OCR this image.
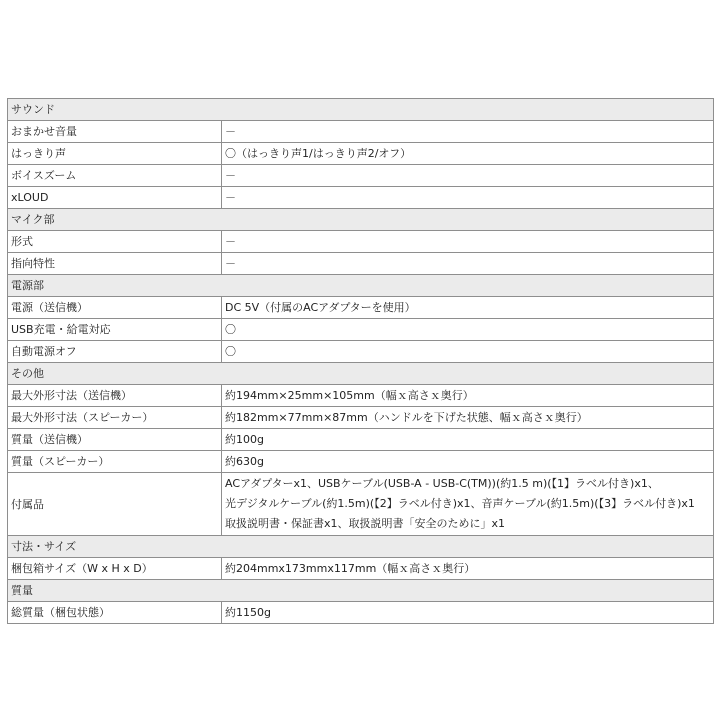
サウンド	
おまかせ音量	－
はっきり声	〇（はっきり声1/はっきり声2/オフ）
ボイスズーム	－
xLOUD	－
マイク部	
形式	－
指向特性	－
電源部	
電源（送信機）	DC 5V（付属のACアダプターを使用）
USB充電・給電対応	〇
自動電源オフ	〇
その他	
最大外形寸法（送信機）	約194mm×25mm×105mm（幅ｘ高さｘ奥行）
最大外形寸法（スピーカー）	約182mm×77mm×87mm（ハンドルを下げた状態、幅ｘ高さｘ奥行）
質量（送信機）	約100g
質量（スピーカー）	約630g
付属品	ACアダプターx1、USBケーブル(USB-A - USB-C(TM))(約1.5 m)(【1】ラベル付き)x1、
光デジタルケーブル(約1.5m)(【2】ラベル付き)x1、音声ケーブル(約1.5m)(【3】ラベル付き)x1
取扱説明書・保証書x1、取扱説明書「安全のために」x1

寸法・サイズ	
梱包箱サイズ（W x H x D）	約204mmx173mmx117mm（幅ｘ高さｘ奥行）
質量	
総質量（梱包状態）	約1150g
